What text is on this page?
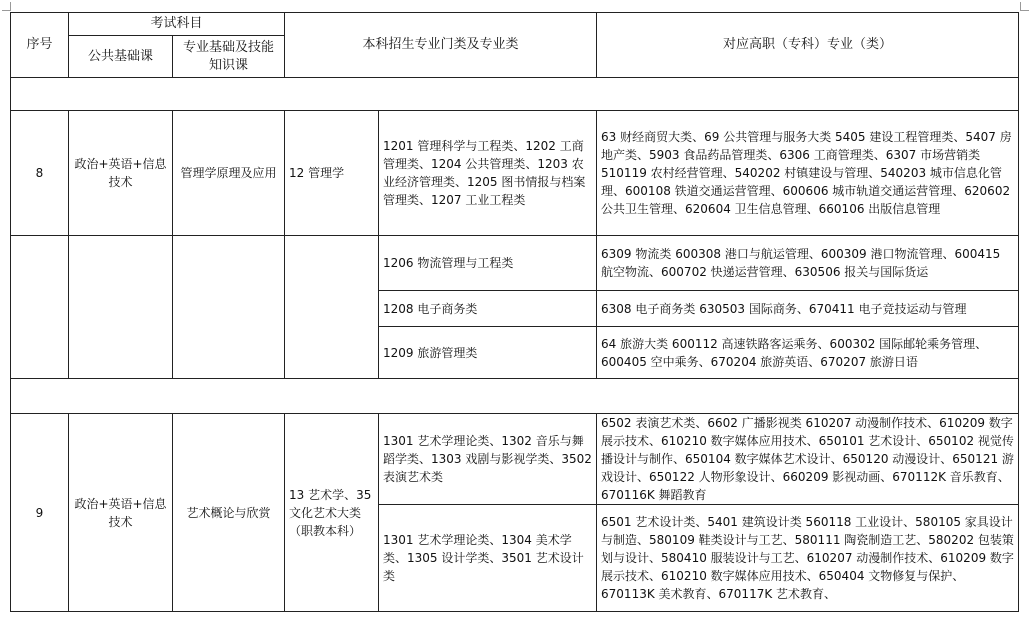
序号	考试科目		本科招生专业门类及专业类		对应高职（专科）专业（类）
	公共基础课	专业基础及技能知识课			

8	政治+英语+信息技术	管理学原理及应用	12 管理学	1201 管理科学与工程类、1202 工商管理类、1204 公共管理类、1203 农业经济管理类、1205 图书情报与档案管理类、1207 工业工程类	63 财经商贸大类、69 公共管理与服务大类 5405 建设工程管理类、5407 房地产类、5903 食品药品管理类、6306 工商管理类、6307 市场营销类 510119 农村经营管理、540202 村镇建设与管理、540203 城市信息化管理、600108 铁道交通运营管理、600606 城市轨道交通运营管理、620602 公共卫生管理、620604 卫生信息管理、660106 出版信息管理
				1206 物流管理与工程类	6309 物流类 600308 港口与航运管理、600309 港口物流管理、600415 航空物流、600702 快递运营管理、630506 报关与国际货运
				1208 电子商务类	6308 电子商务类 630503 国际商务、670411 电子竞技运动与管理
				1209 旅游管理类	64 旅游大类 600112 高速铁路客运乘务、600302 国际邮轮乘务管理、600405 空中乘务、670204 旅游英语、670207 旅游日语

9	政治+英语+信息技术	艺术概论与欣赏	13 艺术学、35 文化艺术大类（职教本科）	1301 艺术学理论类、1302 音乐与舞蹈学类、1303 戏剧与影视学类、3502 表演艺术类	6502 表演艺术类、6602 广播影视类 610207 动漫制作技术、610209 数字展示技术、610210 数字媒体应用技术、650101 艺术设计、650102 视觉传播设计与制作、650104 数字媒体艺术设计、650120 动漫设计、650121 游戏设计、650122 人物形象设计、660209 影视动画、670112K 音乐教育、670116K 舞蹈教育
				1301 艺术学理论类、1304 美术学类、1305 设计学类、3501 艺术设计类	6501 艺术设计类、5401 建筑设计类 560118 工业设计、580105 家具设计与制造、580109 鞋类设计与工艺、580111 陶瓷制造工艺、580202 包装策划与设计、580410 服装设计与工艺、610207 动漫制作技术、610209 数字展示技术、610210 数字媒体应用技术、650404 文物修复与保护、670113K 美术教育、670117K 艺术教育、
